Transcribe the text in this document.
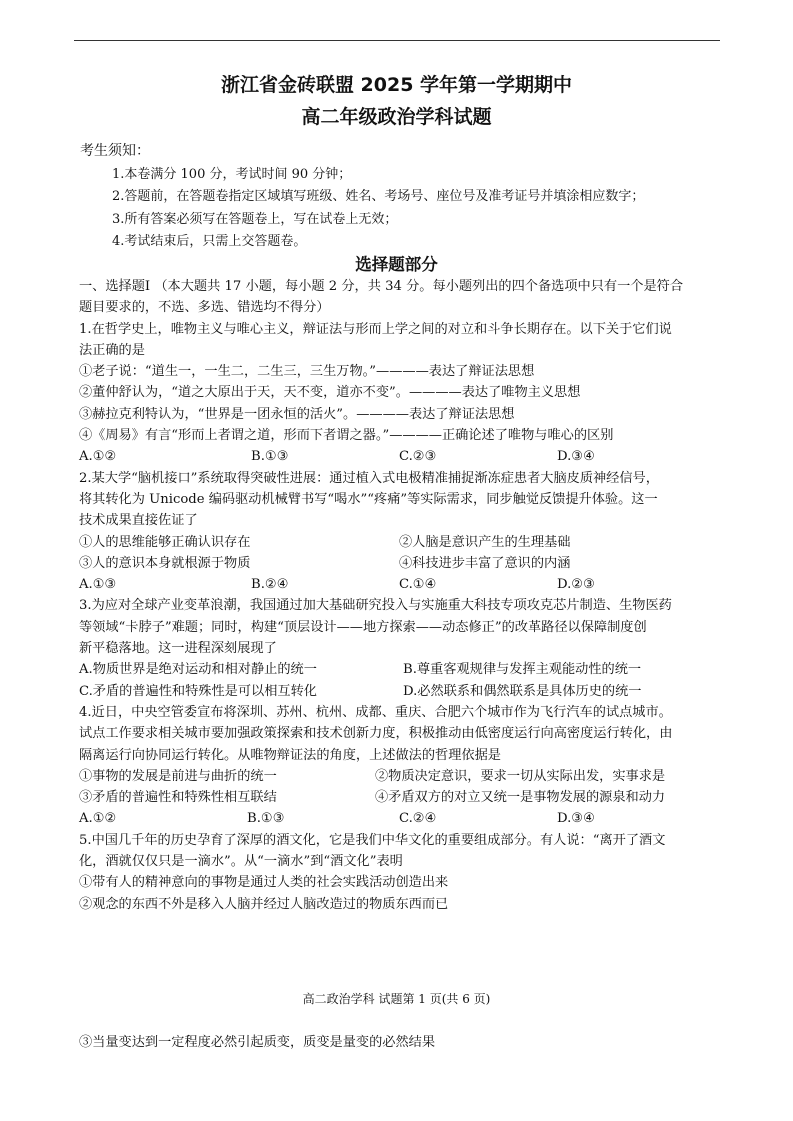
浙江省金砖联盟 2025 学年第一学期期中
高二年级政治学科试题
考生须知：
1.本卷满分 100 分，考试时间 90 分钟；
2.答题前，在答题卷指定区域填写班级、姓名、考场号、座位号及准考证号并填涂相应数字；
3.所有答案必须写在答题卷上，写在试卷上无效；
4.考试结束后，只需上交答题卷。
选择题部分
一、选择题Ⅰ （本大题共 17 小题，每小题 2 分，共 34 分。每小题列出的四个备选项中只有一个是符合
题目要求的，不选、多选、错选均不得分）
1.在哲学史上，唯物主义与唯心主义，辩证法与形而上学之间的对立和斗争长期存在。以下关于它们说
法正确的是
①老子说：“道生一，一生二，二生三，三生万物。”————表达了辩证法思想
②董仲舒认为，“道之大原出于天，天不变，道亦不变”。————表达了唯物主义思想
③赫拉克利特认为，“世界是一团永恒的活火”。————表达了辩证法思想
④《周易》有言“形而上者谓之道，形而下者谓之器。”————正确论述了唯物与唯心的区别
A.①②	B.①③	C.②③	D.③④
2.某大学“脑机接口”系统取得突破性进展：通过植入式电极精准捕捉渐冻症患者大脑皮质神经信号，
将其转化为 Unicode 编码驱动机械臂书写“喝水”“疼痛”等实际需求，同步触觉反馈提升体验。这一
技术成果直接佐证了
①人的思维能够正确认识存在	②人脑是意识产生的生理基础
③人的意识本身就根源于物质	④科技进步丰富了意识的内涵
A.①③	B.②④	C.①④	D.②③
3.为应对全球产业变革浪潮，我国通过加大基础研究投入与实施重大科技专项攻克芯片制造、生物医药
等领域“卡脖子”难题；同时，构建“顶层设计——地方探索——动态修正”的改革路径以保障制度创
新平稳落地。这一进程深刻展现了
A.物质世界是绝对运动和相对静止的统一	B.尊重客观规律与发挥主观能动性的统一
C.矛盾的普遍性和特殊性是可以相互转化	D.必然联系和偶然联系是具体历史的统一
4.近日，中央空管委宣布将深圳、苏州、杭州、成都、重庆、合肥六个城市作为飞行汽车的试点城市。
试点工作要求相关城市要加强政策探索和技术创新力度，积极推动由低密度运行向高密度运行转化，由
隔离运行向协同运行转化。从唯物辩证法的角度，上述做法的哲理依据是
①事物的发展是前进与曲折的统一	②物质决定意识，要求一切从实际出发，实事求是
③矛盾的普遍性和特殊性相互联结	④矛盾双方的对立又统一是事物发展的源泉和动力
A.①②	B.①③	C.②④	D.③④
5.中国几千年的历史孕育了深厚的酒文化，它是我们中华文化的重要组成部分。有人说：“离开了酒文
化，酒就仅仅只是一滴水”。从“一滴水”到“酒文化”表明
①带有人的精神意向的事物是通过人类的社会实践活动创造出来
②观念的东西不外是移入人脑并经过人脑改造过的物质东西而已
高二政治学科 试题第 1 页(共 6 页)
③当量变达到一定程度必然引起质变，质变是量变的必然结果
